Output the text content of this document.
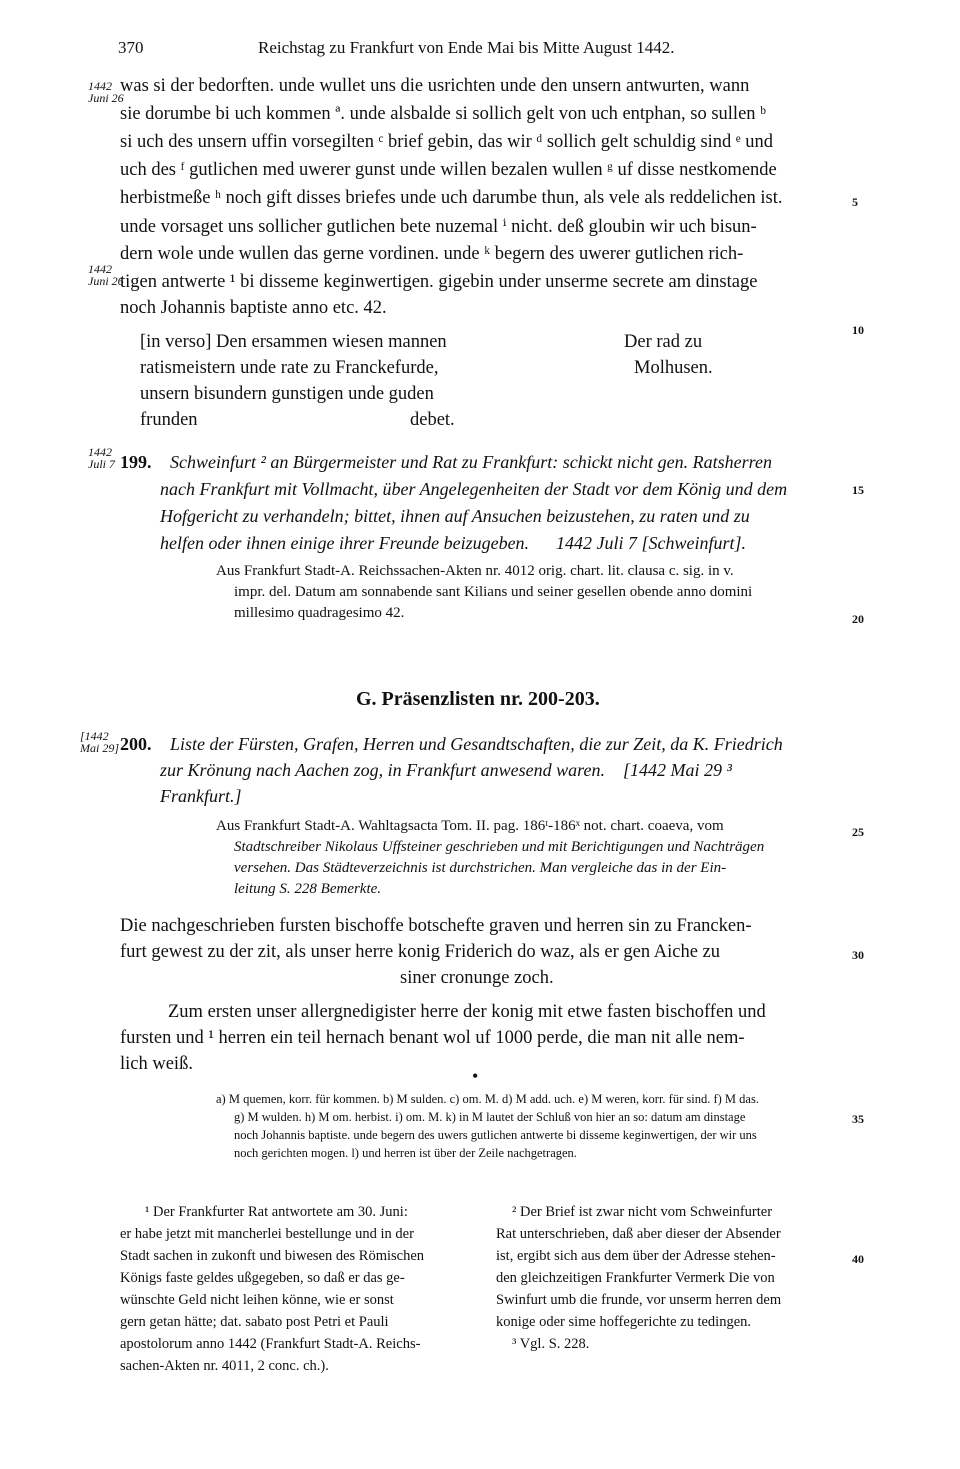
370	Reichstag zu Frankfurt von Ende Mai bis Mitte August 1442.
1442
Juni 26
was si der bedorften. unde wullet uns die usrichten unde den unsern antwurten, wann
sie dorumbe bi uch kommen ª. unde alsbalde si sollich gelt von uch entphan, so sullen ᵇ
si uch des unsern uffin vorsegilten ᶜ brief gebin, das wir ᵈ sollich gelt schuldig sind ᵉ und
uch des ᶠ gutlichen med uwerer gunst unde willen bezalen wullen ᵍ uf disse nestkomende
herbistmeße ʰ noch gift disses briefes unde uch darumbe thun, als vele als reddelichen ist.
unde vorsaget uns sollicher gutlichen bete nuzemal ⁱ nicht. deß gloubin wir uch bisun-
dern wole unde wullen das gerne vordinen. unde ᵏ begern des uwerer gutlichen rich-
1442
Juni 26
tigen antwerte ¹ bi disseme keginwertigen. gigebin under unserme secrete am dinstage
noch Johannis baptiste anno etc. 42.
[in verso] Den ersammen wiesen mannen
ratismeistern unde rate zu Franckefurde,
unsern bisundern gunstigen unde guden
frunden	debet.
Der rad zu
Molhusen.
1442
Juli 7 199. Schweinfurt ² an Bürgermeister und Rat zu Frankfurt: schickt nicht gen. Ratsherren
nach Frankfurt mit Vollmacht, über Angelegenheiten der Stadt vor dem König und dem
Hofgericht zu verhandeln; bittet, ihnen auf Ansuchen beizustehen, zu raten und zu
helfen oder ihnen einige ihrer Freunde beizugeben.      1442 Juli 7 [Schweinfurt].
Aus Frankfurt Stadt-A. Reichssachen-Akten nr. 4012 orig. chart. lit. clausa c. sig. in v.
impr. del. Datum am sonnabende sant Kilians und seiner gesellen obende anno domini
millesimo quadragesimo 42.
G. Präsenzlisten nr. 200-203.
[1442
Mai 29] 200. Liste der Fürsten, Grafen, Herren und Gesandtschaften, die zur Zeit, da K. Friedrich
zur Krönung nach Aachen zog, in Frankfurt anwesend waren.    [1442 Mai 29 ³
Frankfurt.]
Aus Frankfurt Stadt-A. Wahltagsacta Tom. II. pag. 186ᵗ-186ˣ not. chart. coaeva, vom
Stadtschreiber Nikolaus Uffsteiner geschrieben und mit Berichtigungen und Nachträgen
versehen. Das Städteverzeichnis ist durchstrichen. Man vergleiche das in der Ein-
leitung S. 228 Bemerkte.
Die nachgeschrieben fursten bischoffe botschefte graven und herren sin zu Francken-
furt gewest zu der zit, als unser herre konig Friderich do waz, als er gen Aiche zu
siner cronunge zoch.
Zum ersten unser allergnedigister herre der konig mit etwe fasten bischoffen und
fursten und ¹ herren ein teil hernach benant wol uf 1000 perde, die man nit alle nem-
lich weiß.
•
a) M quemen, korr. für kommen. b) M sulden. c) om. M. d) M add. uch. e) M weren, korr. für sind. f) M das.
g) M wulden. h) M om. herbist. i) om. M. k) in M lautet der Schluß von hier an so: datum am dinstage
noch Johannis baptiste. unde begern des uwers gutlichen antwerte bi disseme keginwertigen, der wir uns
noch gerichten mogen. l) und herren ist über der Zeile nachgetragen.
¹ Der Frankfurter Rat antwortete am 30. Juni:
er habe jetzt mit mancherlei bestellunge und in der
Stadt sachen in zukonft und biwesen des Römischen
Königs faste geldes ußgegeben, so daß er das ge-
wünschte Geld nicht leihen könne, wie er sonst
gern getan hätte; dat. sabato post Petri et Pauli
apostolorum anno 1442 (Frankfurt Stadt-A. Reichs-
sachen-Akten nr. 4011, 2 conc. ch.).
² Der Brief ist zwar nicht vom Schweinfurter
Rat unterschrieben, daß aber dieser der Absender
ist, ergibt sich aus dem über der Adresse stehen-
den gleichzeitigen Frankfurter Vermerk Die von
Swinfurt umb die frunde, vor unserm herren dem
konige oder sime hoffegerichte zu tedingen.
³ Vgl. S. 228.
5
10
15
20
25
30
35
40
